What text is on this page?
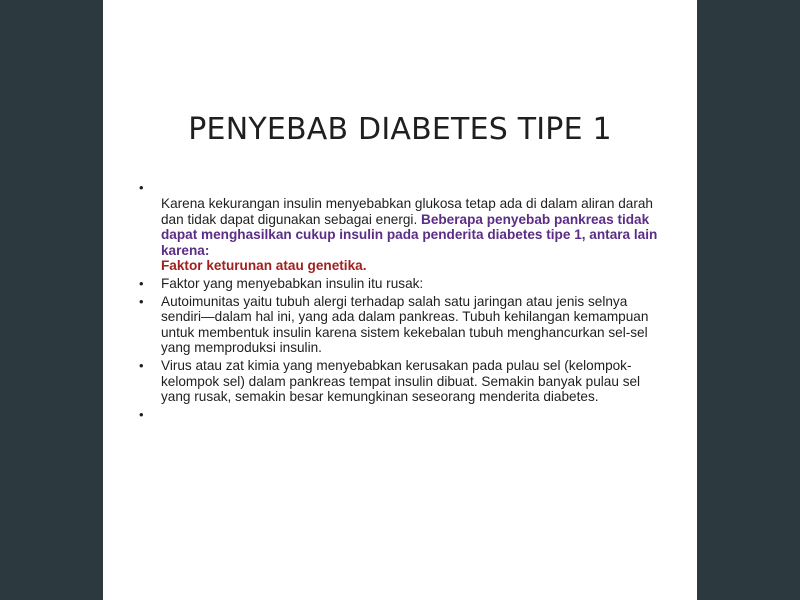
PENYEBAB DIABETES TIPE 1
•
Karena kekurangan insulin menyebabkan glukosa tetap ada di dalam aliran darah dan tidak dapat digunakan sebagai energi. Beberapa penyebab pankreas tidak dapat menghasilkan cukup insulin pada penderita diabetes tipe 1, antara lain karena:
Faktor keturunan atau genetika.
• Faktor yang menyebabkan insulin itu rusak:
• Autoimunitas yaitu tubuh alergi terhadap salah satu jaringan atau jenis selnya sendiri—dalam hal ini, yang ada dalam pankreas. Tubuh kehilangan kemampuan untuk membentuk insulin karena sistem kekebalan tubuh menghancurkan sel-sel yang memproduksi insulin.
• Virus atau zat kimia yang menyebabkan kerusakan pada pulau sel (kelompok-kelompok sel) dalam pankreas tempat insulin dibuat. Semakin banyak pulau sel yang rusak, semakin besar kemungkinan seseorang menderita diabetes.
•
